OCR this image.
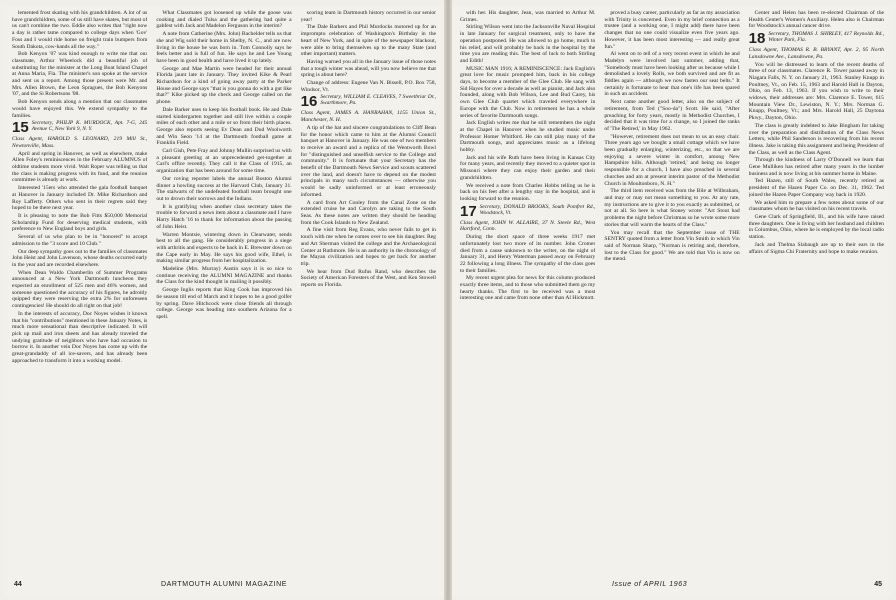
lemented frost skating with his grandchildren. A lot of us have grandchildren, some of us still have skates, but most of us can't combine the two. Eddie also writes that "right now a day is rather tame compared to college days when 'Gov' Foss and I would ride home on freight train bumpers from South Dakota, cow-hands all the way."

Bob Kenyon '07 was kind enough to write me that our classmate, Arthur Wheelock did a beautiful job of substituting for the minister at the Long Boat Island Chapel at Anna Maria, Fla. The minister's son spoke at the service and sent us a report. Among those present were Mr. and Mrs. Allen Brown, the Leon Spragues, the Bob Kenyons '07, and the Si Robertsons '08.

Bob Kenyon sends along a mention that our classmates would have enjoyed this. We extend sympathy to the families.

15 Secretary, PHILIP K. MURDOCK, Apt. 7-G, 245 Avenue C, New York 9, N. Y.

Class Agent, HAROLD S. LEONARD, 219 Mill St., Newtonville, Mass.

April and spring in Hanover, as well as elsewhere, make Allen Foley's reminiscences in the February ALUMNUS of oldtime students more vivid. Walt Roper was telling us that the class is making progress with its fund, and the reunion committee is already at work.

Interested '15ers who attended the gala football banquet at Hanover in January included Dr. Mike Richardson and Roy Lafferty. Others who sent in their regrets said they hoped to be there next year.

It is pleasing to note the Bob Fitts $50,000 Memorial Scholarship Fund for deserving medical students, with preference to New England boys and girls.

Several of us who plan to be in "honored" to accept admission to the "3 score and 10 Club."

Our deep sympathy goes out to the families of classmates John Heist and John Lavenson, whose deaths occurred early in the year and are recorded elsewhere.

When Dean Waldo Chamberlin of Summer Programs announced at a New York Dartmouth luncheon they expected an enrollment of 525 men and 46% women, and someone questioned the accuracy of his figures, he adroitly quipped they were reserving the extra 2% for unforeseen contingencies! He should do all right on that job!

In the interests of accuracy, Doc Noyes wishes it known that his "contributions" mentioned in these January Notes, is much more sensational than descriptive indicated. It will pick up mail and iron sheets and has already traveled the undying gratitude of neighbors who have had occasion to borrow it. In another vein Doc Noyes has come up with the great-grandaddy of all ice-savers, and has already been approached to transform it into a working model.

What Classmates got loosened up while the goose was cooking and dialed Tulsa and the gathering had quite a gabfest with Jack and Madelon Ferguson in the interim?

A note from Catherine (Mrs. John) Bachelder tells us that she and Wig sold their home in Shelby, N. C., and are now living in the house he was born in. Tom Connolly says he feels better and is full of fun. He says he and Lee Young have been in good health and have lived it up lately.

George and Mae Martin were headed for their annual Florida jaunt late in January. They invited Kike & Pearl Richardson for a kind of going away party at the Parker House and George says "that is you gonna do with a gut like that?" Kike picked up the check and George called on the phone.

Dale Barker uses to keep his football book. He and Dale started kindergarten together and still live within a couple miles of each other and a mile or so from their birth places. George also reports seeing Ev Dean and Dud Woolworth and Win Seon '14 at the Dartmouth football game at Franklin Field.

Carl Gish, Pete Fray and Johnny Mullin surprised us with a pleasant greeting at an unprecedented get-together at Carl's office recently. They call it the Class of 1915, an organization that has been around for some time.

Our roving reporter labels the annual Boston Alumni dinner a howling success at the Harvard Club, January 31. The stalwarts of the undefeated football team brought one out to drown their sorrows and the Indians.

It is gratifying when another class secretary takes the trouble to forward a news item about a classmate and I have Harry Hatch '16 to thank for information about the passing of John Heist.

Warren Montsie, wintering down in Clearwater, sends best to all the gang. He considerably progress in a siege with arthritis and expects to be back in E. Brewster down on the Cape early in May. He says his good wife, Ethel, is making similar progress from her hospitalization.

Madeline (Mrs. Murray) Austin says it is so nice to continue receiving the ALUMNI MAGAZINE and thanks the Class for the kind thought in mailing it possibly.

George Inglis reports that King Cook has improved his tie season till end of March and it hopes to be a good golfer by spring. Dave Hitchcock were close friends all through college. George was heading into southern Arizona for a spell.

scoring team in Dartmouth history occurred in our senior year!

The Dale Barkers and Phil Murdocks motored up for an impromptu celebration of Washington's Birthday in the heart of New York, and in spite of the newspaper blackout, were able to bring themselves up to the many State (and other important) matters.

Having warned you all in the January issue of those notes that a tough winter was ahead, will you now believe me that spring is about here?

Change of address: Eugene Van N. Bissell, P.O. Box 758, Windsor, Vt.

16 Secretary, WILLIAM E. CLEAVES, 7 Sweetbriar Dr., Swarthmore, Pa.

Class Agent, JAMES A. HANRAHAN, 1155 Union St., Manchester, N. H.

A tip of the hat and sincere congratulations to Cliff Bean for the honor which came to him at the Alumni Council banquet at Hanover in January. He was one of two members to receive an award and a replica of the Wentworth Bowl for "distinguished and unselfish service to the College and community." It is fortunate that your Secretary has the benefit of the Dartmouth News Service and scouts scattered over the land, and doesn't have to depend on the modest principals in many such circumstances — otherwise you would be sadly uninformed or at least erroneously informed.

A card from Art Conley from the Canal Zone on the extended cruise he and Carolyn are taking to the South Seas. As these notes are written they should be heading from the Cook Islands to New Zealand.

A fine visit from Reg Evans, who never fails to get in touch with me when he comes over to see his daughter. Reg and Art Sherman visited the college and the Archaeological Center at Ruthmore. He is an authority in the chronology of the Mayan civilization and hopes to get back for another trip.

We hear from Dud Rufus Rand, who describes the Society of American Foresters of the West, and Ken Stowell reports on Florida.

44	DARTMOUTH ALUMNI MAGAZINE

with her. His daughter, Jean, was married to Arthur M. Grimes.

Stirling Wilson went into the Jacksonville Naval Hospital in late January for surgical treatment, only to have the operation postponed. He was allowed to go home, much to his relief, and will probably be back in the hospital by the time you are reading this. The best of luck to both Stirling and Edith!

MUSIC MAN 1916; A REMINISCENCE: Jack English's great love for music prompted him, back in his college days, to become a member of the Glee Club. He sang with Sid Hayes for over a decade as well as pianist, and Jack also founded, along with Bob Wilson, Lee and Bud Carey, his own Glee Club quartet which traveled everywhere in Europe with the Club. Now in retirement he has a whole series of favorite Dartmouth songs.

Jack English writes me that he still remembers the night at the Chapel in Hanover when he studied music under Professor Homer Whitford. He can still play many of the Dartmouth songs, and appreciates music as a lifelong hobby.

Jack and his wife Ruth have been living in Kansas City for many years, and recently they moved to a quieter spot in Missouri where they can enjoy their garden and their grandchildren.

We received a note from Charles Hobbs telling us he is back on his feet after a lengthy stay in the hospital, and is looking forward to the reunion.

17 Secretary, DONALD BROOKS, South Pomfret Rd., Woodstock, Vt.

Class Agent, JOHN W. ALLAIRE, 37 N. Steele Rd., West Hartford, Conn.

During the short space of three weeks 1917 met unfortunately lost two more of its number. John Cromer died from a cause unknown to the writer, on the night of January 31, and Henry Waterman passed away on February 22 following a long illness. The sympathy of the class goes to their families.

My recent urgent plea for news for this column produced exactly three items, and to those who submitted them go my hearty thanks. The first to be received was a most interesting one and came from none other than Al Hickmott.

proved a busy career, particularly as far as my association with Trinity is concerned. Even in my brief connection as a trustee (and a working one, I might add) there have been changes that no one could visualize even five years ago. However, it has been most interesting — and really great fun."

Al went on to tell of a very recent event in which he and Madelyn were involved last summer, adding that, "Somebody must have been looking after us because while I demolished a lovely Rolls, we both survived and are fit as fiddles again — although we now fasten our seat belts." It certainly is fortunate to hear that one's life has been spared in such an accident.

Next came another good letter, also on the subject of retirement, from Ted ("Soo-da") Scott. He said, "After preaching for forty years, mostly in Methodist Churches, I decided that it was time for a change, so I joined the ranks of 'The Retired,' in May 1962.

"However, retirement does not mean to us an easy chair. Three years ago we bought a small cottage which we have been gradually enlarging, winterizing, etc., so that we are enjoying a severe winter in comfort, among New Hampshire hills. Although 'retired,' and being no longer responsible for a church, I have also preached in several churches and am at present interim pastor of the Methodist Church in Moultonboro, N. H."

The third item received was from the Bile at Wilbraham, and may or may not mean something to you. At any rate, my instructions are to give it to you exactly as submitted, or not at all. So here is what Stoney wrote: "Art Stout had problems the night before Christmas so he wrote some more stories that will warm the hearts of the Class."

You may recall that the September issue of THE SENTRY quoted from a letter from Vin Smith in which Vin said of Norman Sharp, "Norman is retiring and, therefore, lost to the Class for good." We are told that Vin is now on the mend.

Center and Helen has been re-elected Chairman of the Health Center's Women's Auxiliary. Helen also is Chairman for Woodstock's annual cancer drive.

18 Secretary, THOMAS J. SHIRLEY, 417 Reynolds Rd., Winter Park, Fla.

Class Agent, THOMAS R. B. BRYANT, Apt. 2, 95 North Lansdowne Ave., Lansdowne, Pa.

You will be distressed to learn of the recent deaths of three of our classmates. Clarence R. Tower passed away in Niagara Falls, N. Y. on January 21, 1963. Stanley Knupp in Poultney, Vt., on Feb. 15, 1963 and Harold Hall in Dayton, Ohio, on Feb. 13, 1963. If you wish to write to their widows, their addresses are: Mrs. Clarence E. Tower, 615 Mountain View Dr., Lewiston, N. Y.; Mrs. Norman G. Knupp, Poultney, Vt.; and Mrs. Harold Hall, 25 Daytona Pkwy., Dayton, Ohio.

The class is greatly indebted to Jake Bingham for taking over the preparation and distribution of the Class News Letters, while Phil Sanderson is recovering from his recent illness. Jake is taking this assignment and being President of the Class, as well as the Class Agent.

Through the kindness of Larry O'Donnell we learn that Gene Mulliken has retired after many years in the lumber business and is now living at his summer home in Maine.

Ted Hazen, still of South Wales, recently retired as president of the Hazen Paper Co. on Dec. 31, 1962. Ted joined the Hazen Paper Company way back in 1920.

We asked him to prepare a few notes about some of our classmates whom he has visited on his recent travels.

Gene Clark of Springfield, Ill., and his wife have raised three daughters. One is living with her husband and children in Columbus, Ohio, where he is employed by the local radio station.

Jack and Thelma Slabaugh are up to their ears in the affairs of Sigma Chi Fraternity and hope to make reunion.

Issue of APRIL 1963	45
